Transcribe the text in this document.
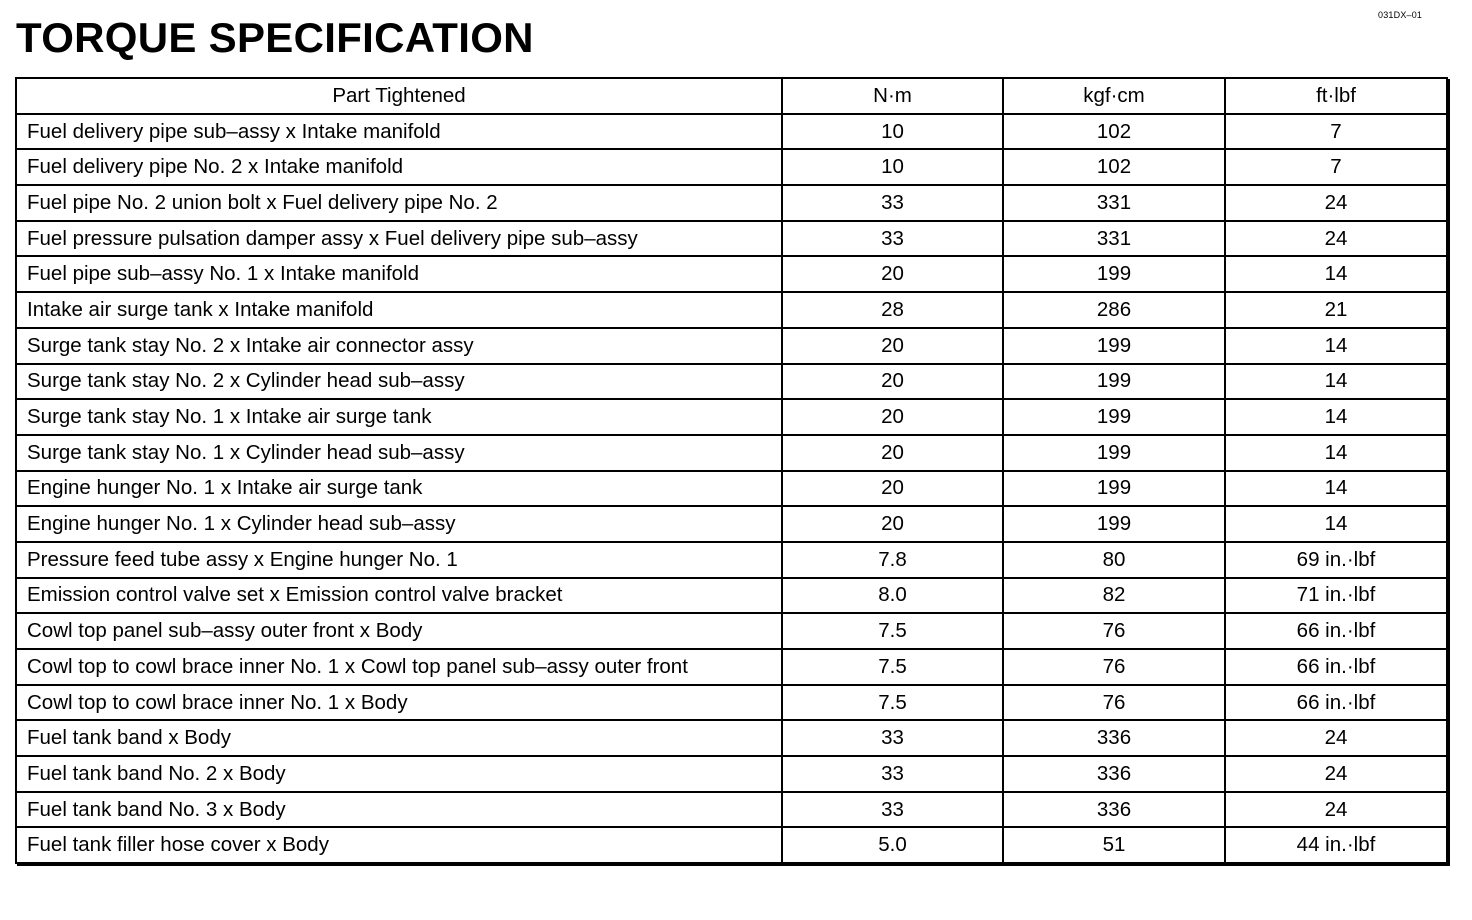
031DX–01
TORQUE SPECIFICATION
Part Tightened	N·m	kgf·cm	ft·lbf
Fuel delivery pipe sub–assy x Intake manifold	10	102	7
Fuel delivery pipe No. 2 x Intake manifold	10	102	7
Fuel pipe No. 2 union bolt x Fuel delivery pipe No. 2	33	331	24
Fuel pressure pulsation damper assy x Fuel delivery pipe sub–assy	33	331	24
Fuel pipe sub–assy No. 1 x Intake manifold	20	199	14
Intake air surge tank x Intake manifold	28	286	21
Surge tank stay No. 2 x Intake air connector assy	20	199	14
Surge tank stay No. 2 x Cylinder head sub–assy	20	199	14
Surge tank stay No. 1 x Intake air surge tank	20	199	14
Surge tank stay No. 1 x Cylinder head sub–assy	20	199	14
Engine hunger No. 1 x Intake air surge tank	20	199	14
Engine hunger No. 1 x Cylinder head sub–assy	20	199	14
Pressure feed tube assy x Engine hunger No. 1	7.8	80	69 in.·lbf
Emission control valve set x Emission control valve bracket	8.0	82	71 in.·lbf
Cowl top panel sub–assy outer front x Body	7.5	76	66 in.·lbf
Cowl top to cowl brace inner No. 1 x Cowl top panel sub–assy outer front	7.5	76	66 in.·lbf
Cowl top to cowl brace inner No. 1 x Body	7.5	76	66 in.·lbf
Fuel tank band x Body	33	336	24
Fuel tank band No. 2 x Body	33	336	24
Fuel tank band No. 3 x Body	33	336	24
Fuel tank filler hose cover x Body	5.0	51	44 in.·lbf
